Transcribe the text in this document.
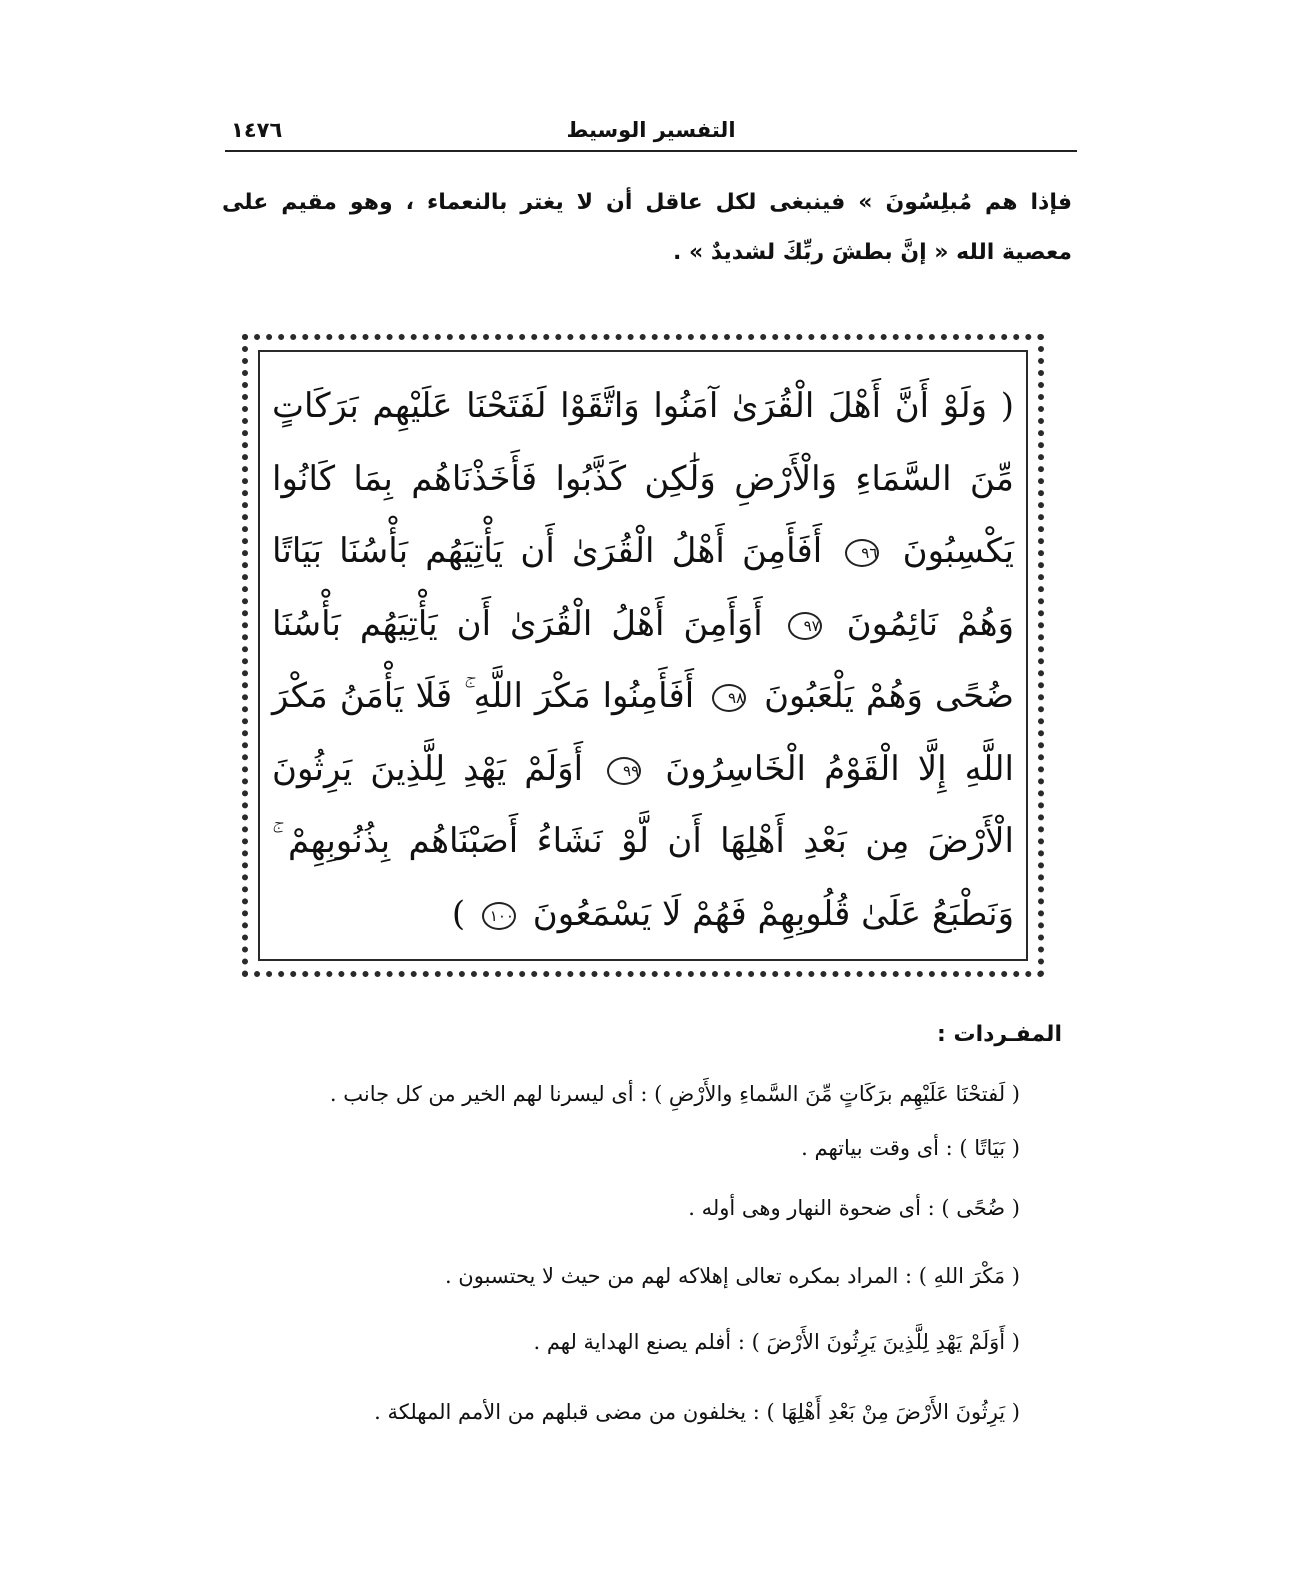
التفسير الوسيط
١٤٧٦

فإذا هم مُبلِسُونَ » فينبغى لكل عاقل أن لا يغتر بالنعماء ، وهو مقيم على معصية الله « إنَّ بطشَ ربِّكَ لشديدٌ » .

( وَلَوْ أَنَّ أَهْلَ الْقُرَىٰ آمَنُوا وَاتَّقَوْا لَفَتَحْنَا عَلَيْهِم بَرَكَاتٍ مِّنَ السَّمَاءِ وَالْأَرْضِ وَلَٰكِن كَذَّبُوا فَأَخَذْنَاهُم بِمَا كَانُوا يَكْسِبُونَ ٩٦ أَفَأَمِنَ أَهْلُ الْقُرَىٰ أَن يَأْتِيَهُم بَأْسُنَا بَيَاتًا وَهُمْ نَائِمُونَ ٩٧ أَوَأَمِنَ أَهْلُ الْقُرَىٰ أَن يَأْتِيَهُم بَأْسُنَا ضُحًى وَهُمْ يَلْعَبُونَ ٩٨ أَفَأَمِنُوا مَكْرَ اللَّهِ ۚ فَلَا يَأْمَنُ مَكْرَ اللَّهِ إِلَّا الْقَوْمُ الْخَاسِرُونَ ٩٩ أَوَلَمْ يَهْدِ لِلَّذِينَ يَرِثُونَ الْأَرْضَ مِن بَعْدِ أَهْلِهَا أَن لَّوْ نَشَاءُ أَصَبْنَاهُم بِذُنُوبِهِمْ ۚ وَنَطْبَعُ عَلَىٰ قُلُوبِهِمْ فَهُمْ لَا يَسْمَعُونَ ١٠٠ )
المفـردات :
( لَفتحْنَا عَلَيْهِم برَكَاتٍ مِّنَ السَّماءِ والأَرْضِ ) : أى ليسرنا لهم الخير من كل جانب .
( بَيَاتًا ) : أى وقت بياتهم .
( ضُحًى ) : أى ضحوة النهار وهى أوله .
( مَكْرَ اللهِ ) : المراد بمكره تعالى إهلاكه لهم من حيث لا يحتسبون .
( أَوَلَمْ يَهْدِ لِلَّذِينَ يَرِثُونَ الأَرْضَ ) : أفلم يصنع الهداية لهم .
( يَرِثُونَ الأَرْضَ مِنْ بَعْدِ أَهْلِهَا ) : يخلفون من مضى قبلهم من الأمم المهلكة .
